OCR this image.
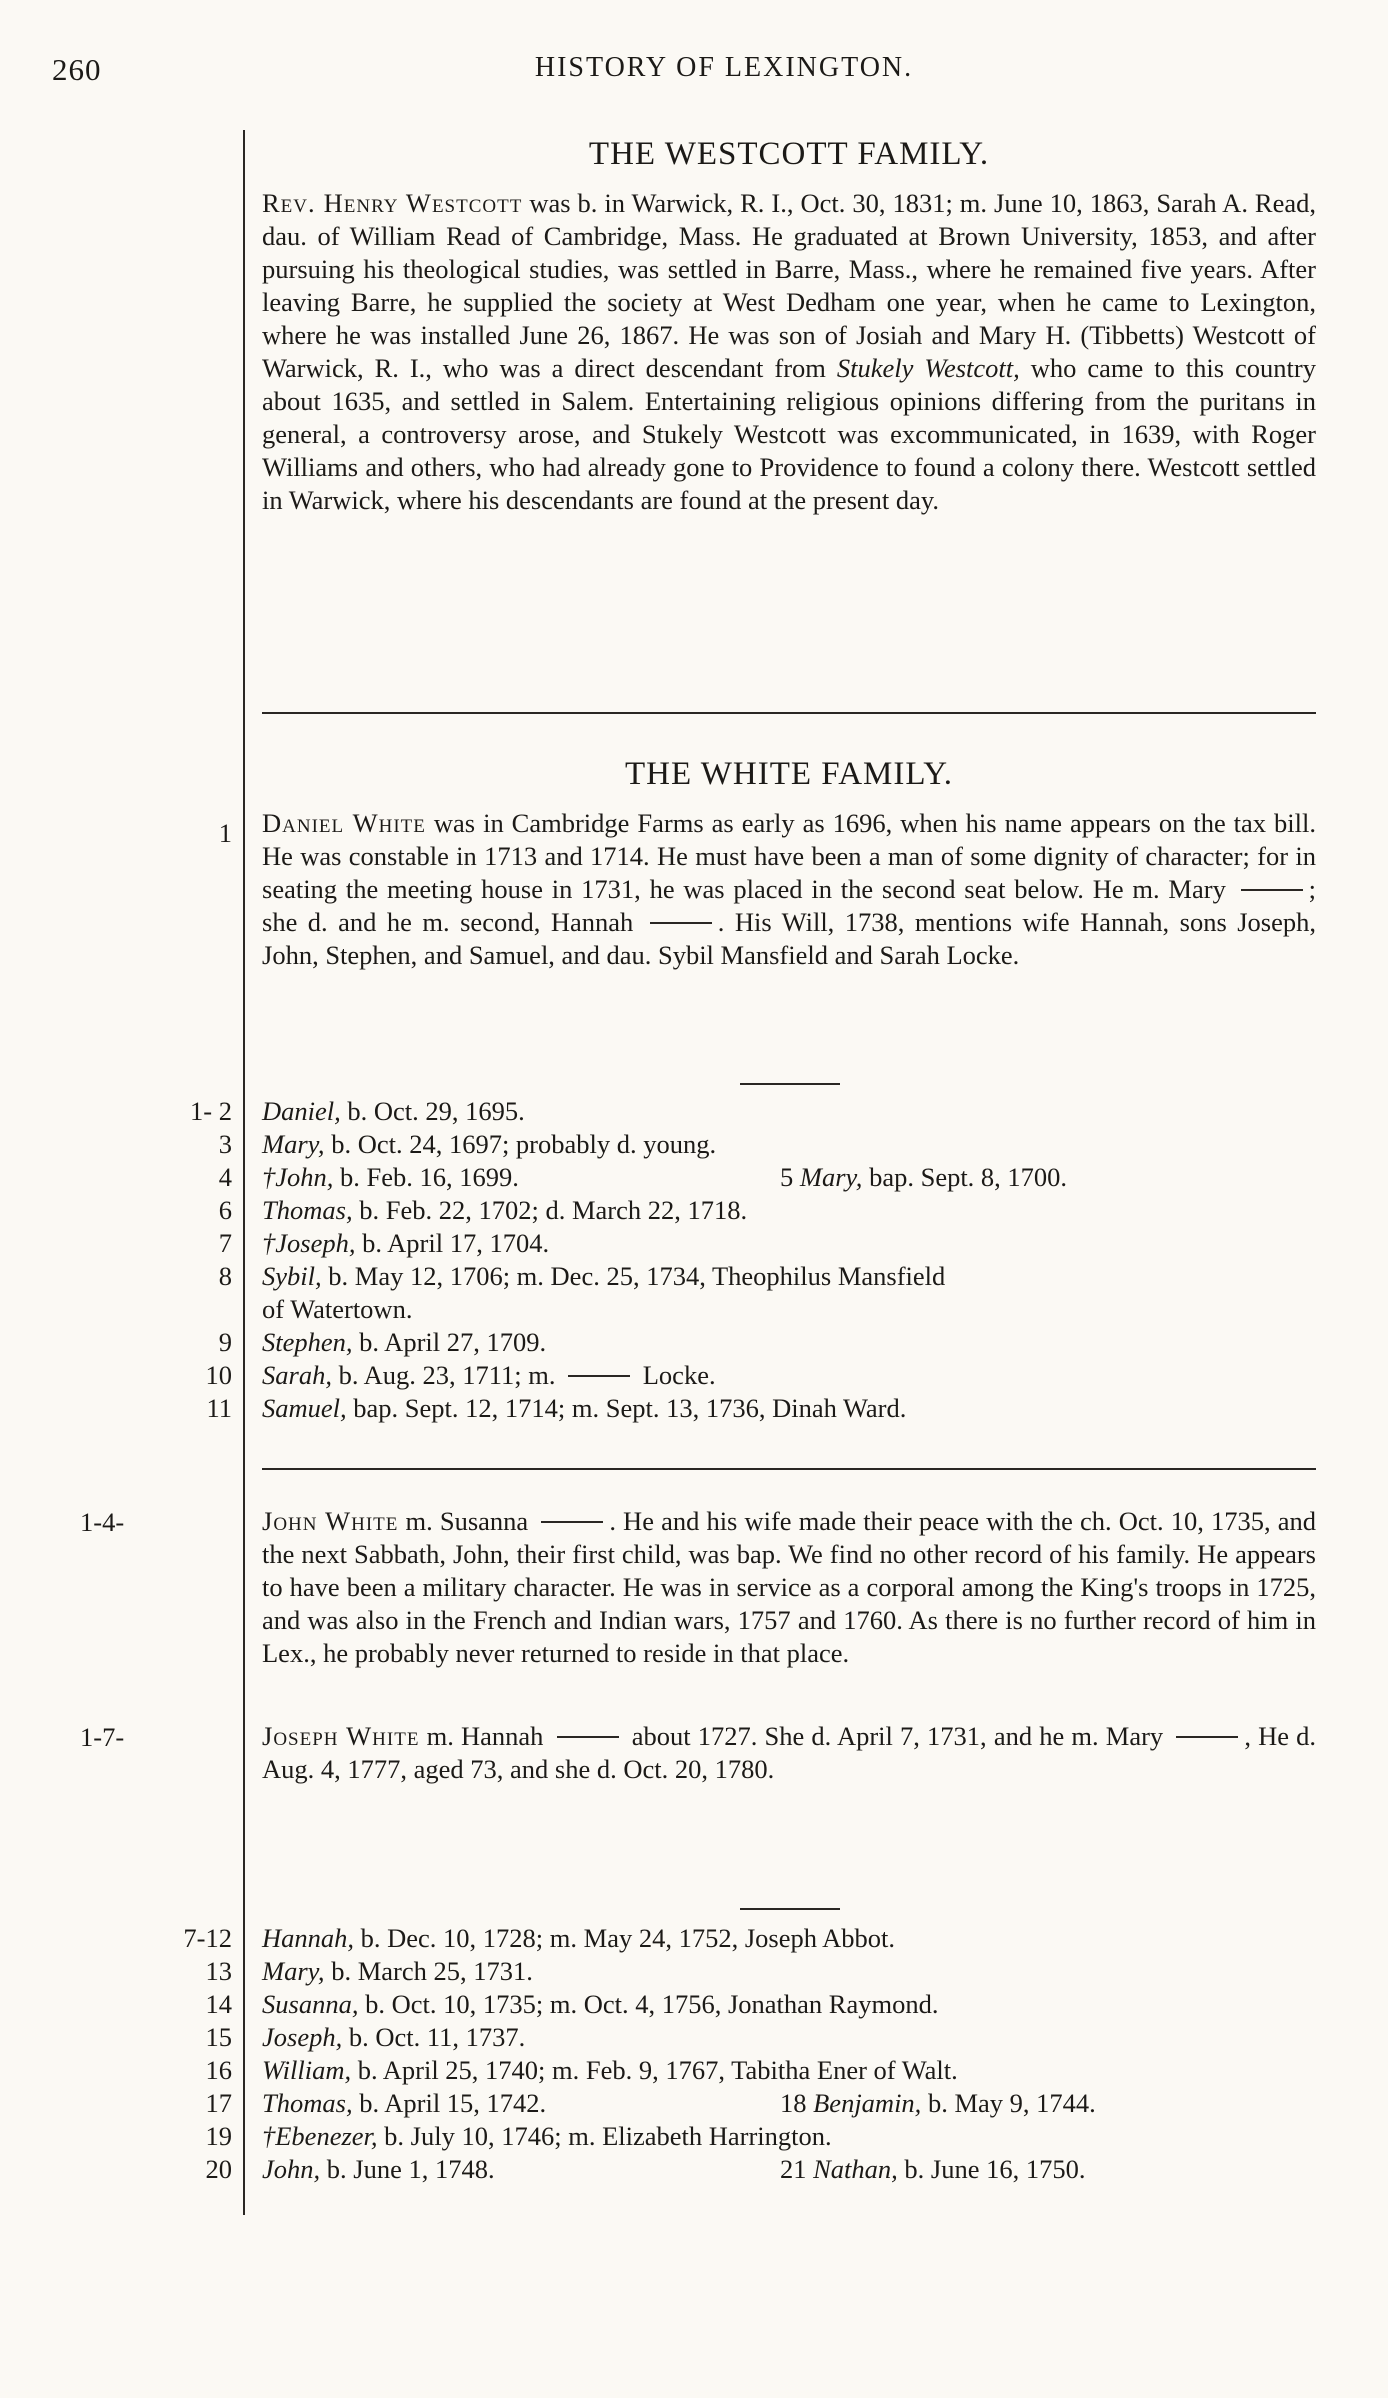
260	HISTORY OF LEXINGTON.
THE WESTCOTT FAMILY.

Rev. Henry Westcott was b. in Warwick, R. I., Oct. 30, 1831; m. June 10, 1863, Sarah A. Read, dau. of William Read of Cambridge, Mass. He graduated at Brown University, 1853, and after pursuing his theological studies, was settled in Barre, Mass., where he remained five years. After leaving Barre, he supplied the society at West Dedham one year, when he came to Lexington, where he was installed June 26, 1867. He was son of Josiah and Mary H. (Tibbetts) Westcott of Warwick, R. I., who was a direct descendant from Stukely Westcott, who came to this country about 1635, and settled in Salem. Entertaining religious opinions differing from the puritans in general, a controversy arose, and Stukely Westcott was excommunicated, in 1639, with Roger Williams and others, who had already gone to Providence to found a colony there. Westcott settled in Warwick, where his descendants are found at the present day.

THE WHITE FAMILY.

Daniel White was in Cambridge Farms as early as 1696, when his name appears on the tax bill. He was constable in 1713 and 1714. He must have been a man of some dignity of character; for in seating the meeting house in 1731, he was placed in the second seat below. He m. Mary	; she d. and he m. second, Hannah	. His Will, 1738, mentions wife Hannah, sons Joseph, John, Stephen, and Samuel, and dau. Sybil Mansfield and Sarah Locke.

1
1- 2 Daniel, b. Oct. 29, 1695.
3 Mary, b. Oct. 24, 1697; probably d. young.
4 †John, b. Feb. 16, 1699.	5 Mary, bap. Sept. 8, 1700.
6 Thomas, b. Feb. 22, 1702; d. March 22, 1718.
7 †Joseph, b. April 17, 1704.
8 Sybil, b. May 12, 1706; m. Dec. 25, 1734, Theophilus Mansfield
of Watertown.
9 Stephen, b. April 27, 1709.
10 Sarah, b. Aug. 23, 1711; m.	Locke.
11 Samuel, bap. Sept. 12, 1714; m. Sept. 13, 1736, Dinah Ward.
1-4-	John White m. Susanna	. He and his wife made their peace with the ch. Oct. 10, 1735, and the next Sabbath, John, their first child, was bap. We find no other record of his family. He appears to have been a military character. He was in service as a corporal among the King's troops in 1725, and was also in the French and Indian wars, 1757 and 1760. As there is no further record of him in Lex., he probably never returned to reside in that place.

1-7-	Joseph White m. Hannah	about 1727. She d. April 7, 1731, and he m. Mary	, He d. Aug. 4, 1777, aged 73, and she d. Oct. 20, 1780.

7-12 Hannah, b. Dec. 10, 1728; m. May 24, 1752, Joseph Abbot.
13 Mary, b. March 25, 1731.
14 Susanna, b. Oct. 10, 1735; m. Oct. 4, 1756, Jonathan Raymond.
15 Joseph, b. Oct. 11, 1737.
16 William, b. April 25, 1740; m. Feb. 9, 1767, Tabitha Ener of Walt.
17 Thomas, b. April 15, 1742.	18 Benjamin, b. May 9, 1744.
19 †Ebenezer, b. July 10, 1746; m. Elizabeth Harrington.
20 John, b. June 1, 1748.	21 Nathan, b. June 16, 1750.
